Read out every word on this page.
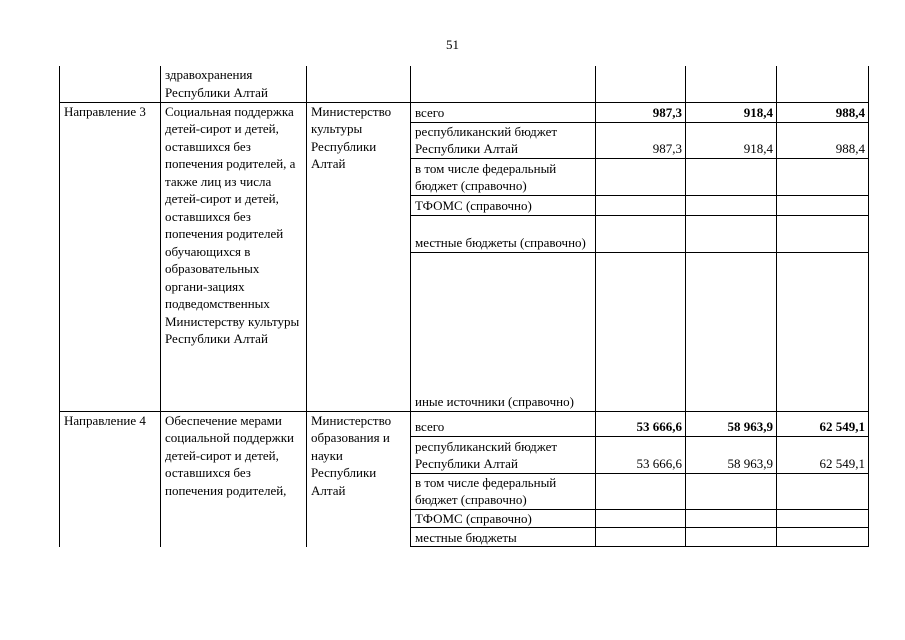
51
	здравохранения Республики Алтай					
Направление 3	Социальная поддержка детей-сирот и детей, оставшихся без попечения родителей, а также лиц из числа детей-сирот и детей, оставшихся без попечения родителей обучающихся в образовательных органи-зациях подведомственных Министерству культуры Республики Алтай	Министерство культуры Республики Алтай	всего	987,3	918,4	988,4
			республиканский бюджет Республики Алтай	987,3	918,4	988,4
			в том числе федеральный бюджет (справочно)			
			ТФОМС (справочно)			
			местные бюджеты (справочно)			
			иные источники (справочно)			
Направление 4	Обеспечение мерами социальной поддержки детей-сирот и детей, оставшихся без попечения родителей,	Министерство образования и науки Республики Алтай	всего	53 666,6	58 963,9	62 549,1
			республиканский бюджет Республики Алтай	53 666,6	58 963,9	62 549,1
			в том числе федеральный бюджет (справочно)			
			ТФОМС (справочно)			
			местные бюджеты			
